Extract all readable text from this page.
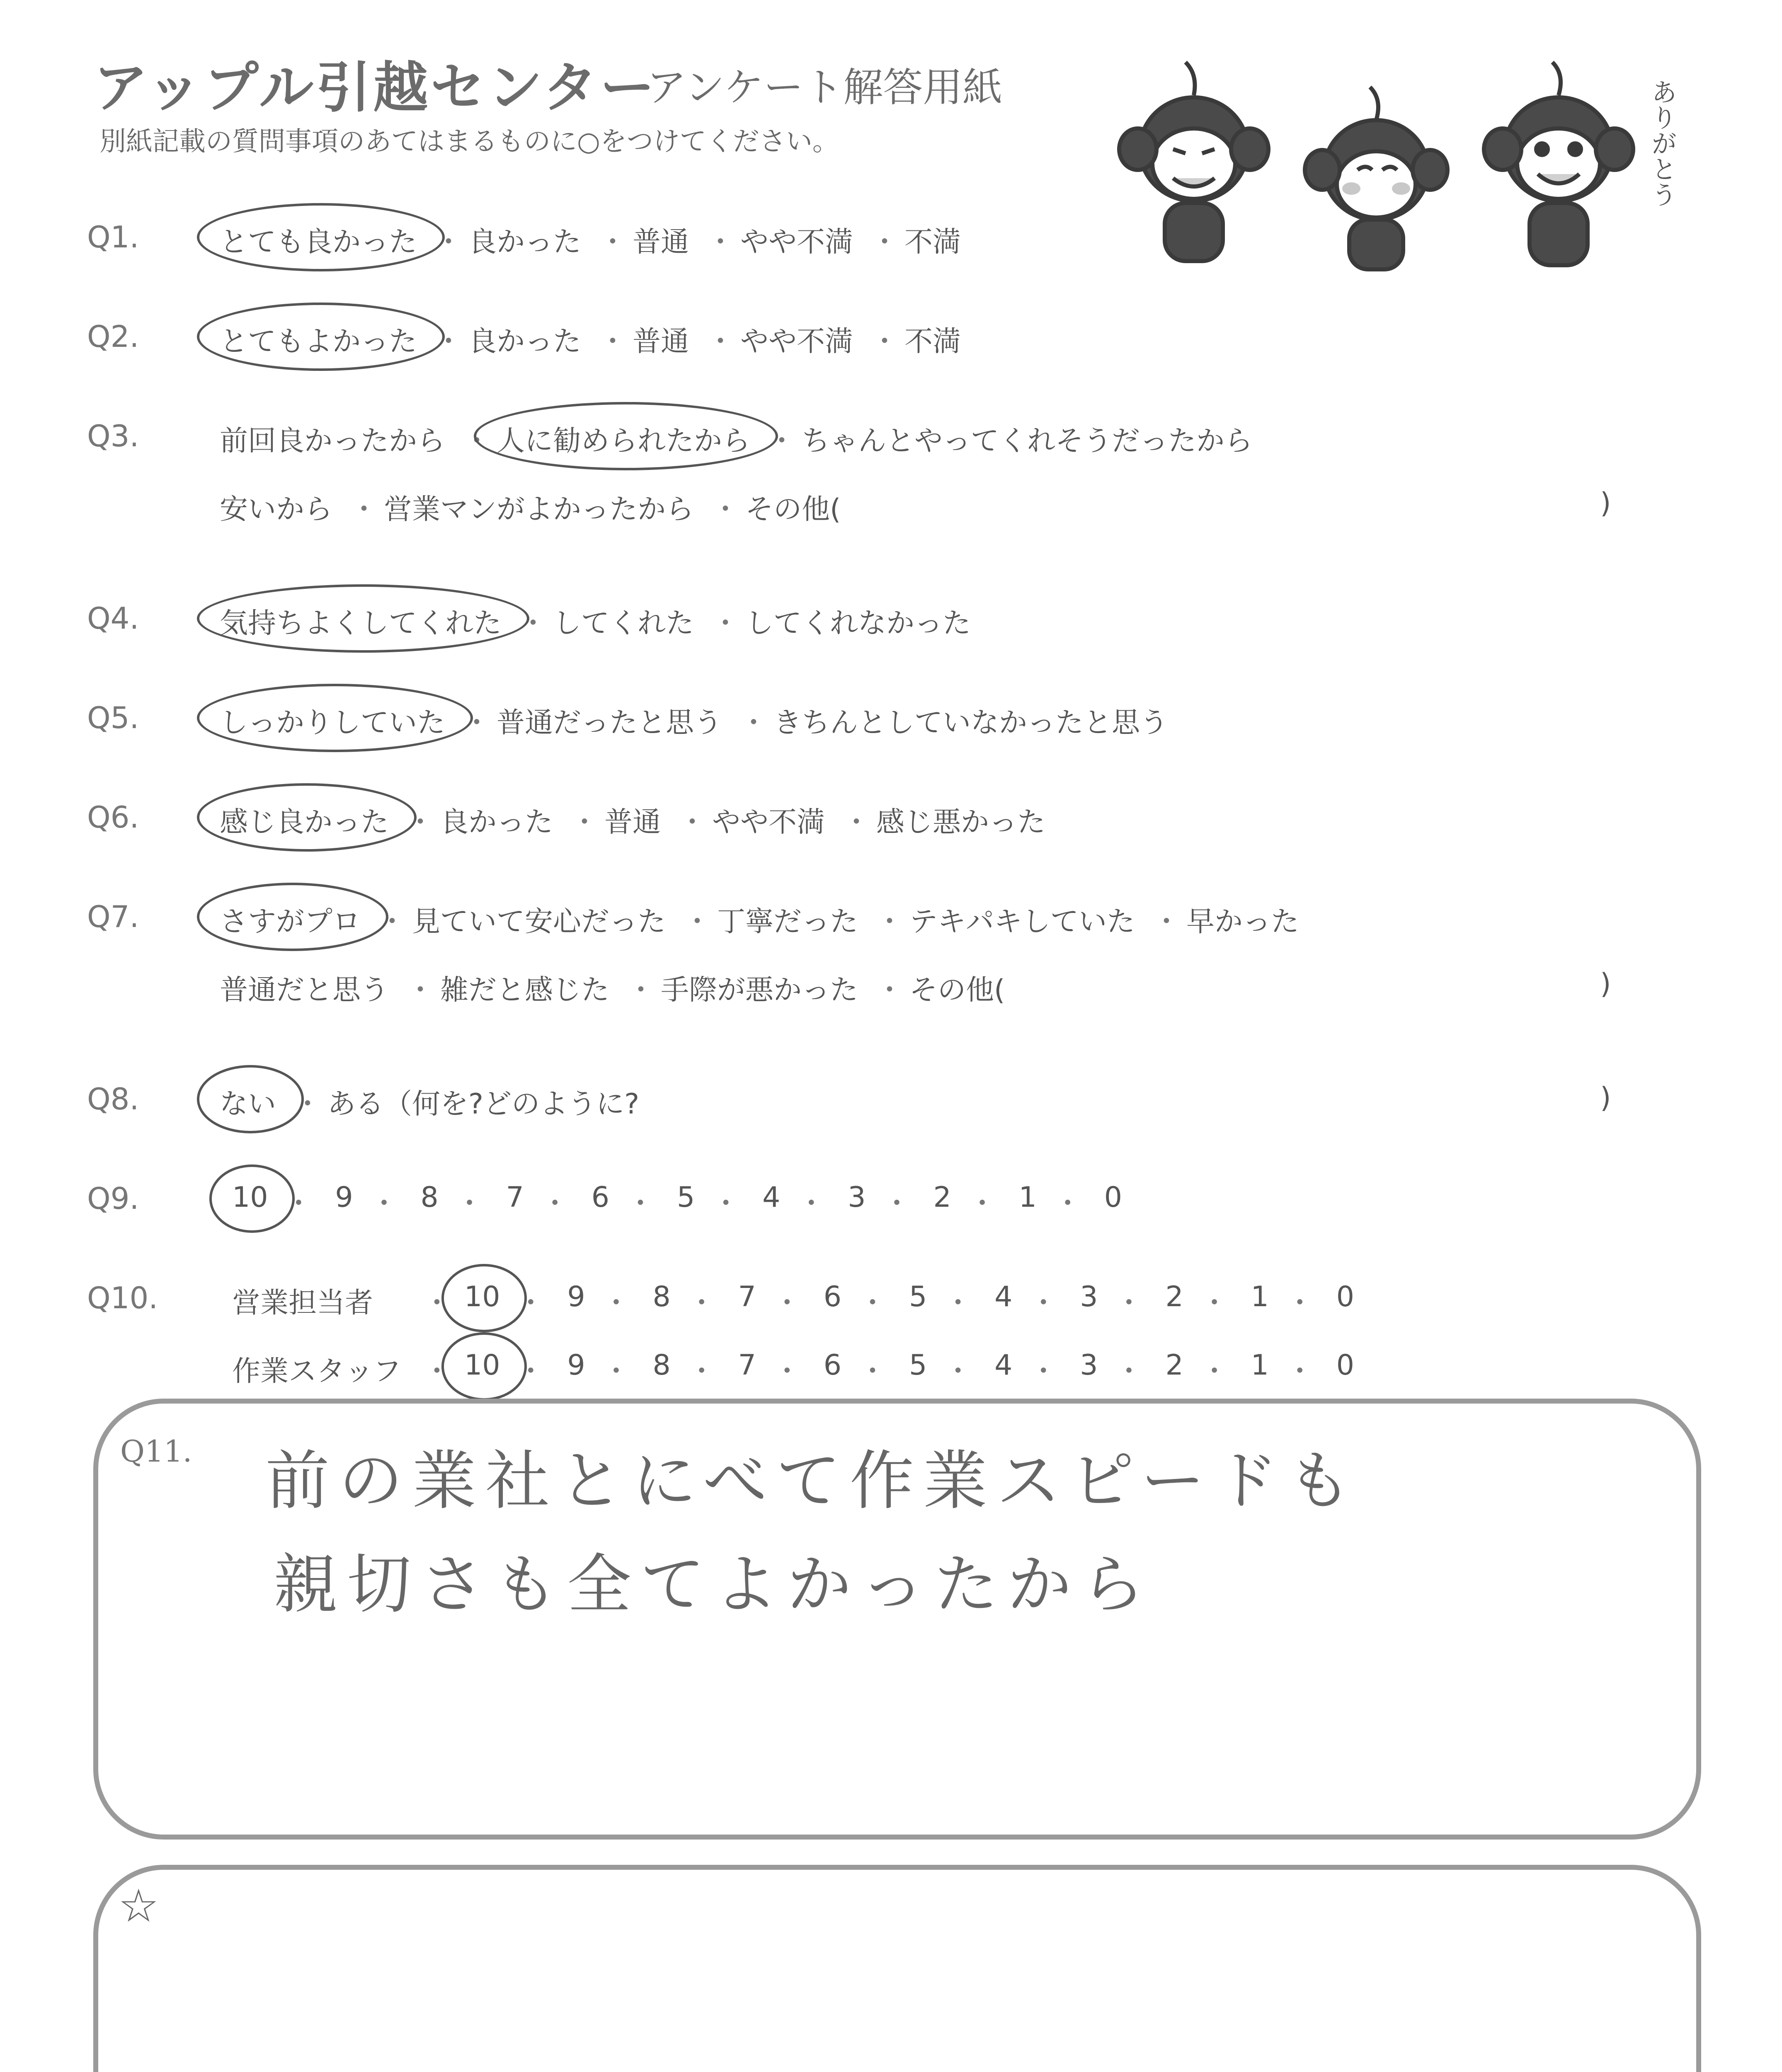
アップル引越センター
アンケート解答用紙
別紙記載の質問事項のあてはまるものに○をつけてください。	ありがとう
Q1.	とても良かった ・ 良かった ・ 普通 ・ やや不満 ・ 不満
Q2.	とてもよかった ・ 良かった ・ 普通 ・ やや不満 ・ 不満
Q3.	前回良かったから ・ 人に勧められたから ・ ちゃんとやってくれそうだったから
安いから ・ 営業マンがよかったから ・ その他(	)
Q4.	気持ちよくしてくれた ・ してくれた ・ してくれなかった
Q5.	しっかりしていた ・ 普通だったと思う ・ きちんとしていなかったと思う
Q6.	感じ良かった ・ 良かった ・ 普通 ・ やや不満 ・ 感じ悪かった
Q7.	さすがプロ ・ 見ていて安心だった ・ 丁寧だった ・ テキパキしていた ・ 早かった
普通だと思う ・ 雑だと感じた ・ 手際が悪かった ・ その他(	)
Q8.	ない ・ ある（何を?どのように?	)
Q9.	10 ・ 9 ・ 8 ・ 7 ・ 6 ・ 5 ・ 4 ・ 3 ・ 2 ・ 1 ・ 0
Q10.	営業担当者 ・ 10 ・ 9 ・ 8 ・ 7 ・ 6 ・ 5 ・ 4 ・ 3 ・ 2 ・ 1 ・ 0
作業スタッフ ・ 10 ・ 9 ・ 8 ・ 7 ・ 6 ・ 5 ・ 4 ・ 3 ・ 2 ・ 1 ・ 0
Q11. 前の業社とにべて作業スピードも
親切さも全てよかったから
☆
